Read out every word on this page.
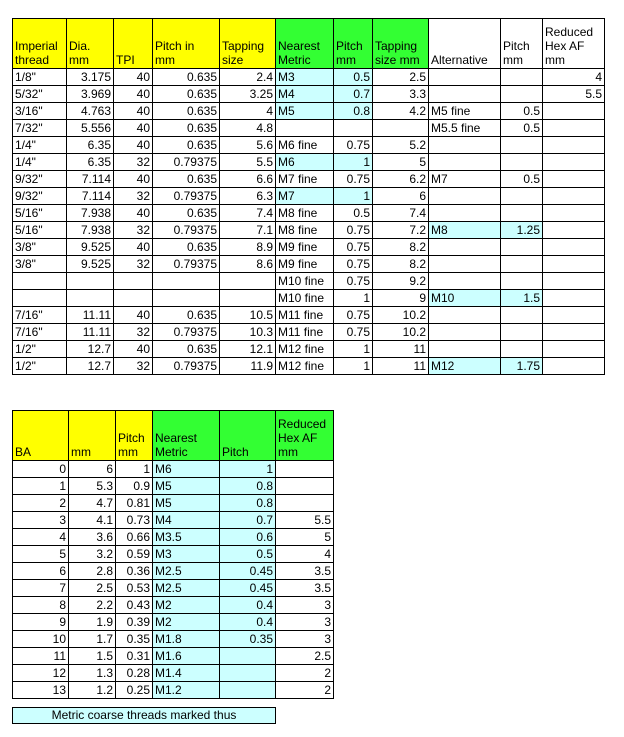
Imperial thread	Dia. mm	TPI	Pitch in mm	Tapping size	Nearest Metric	Pitch mm	Tapping size mm	Alternative	Pitch mm	Reduced Hex AF mm
1/8"	3.175	40	0.635	2.4	M3	0.5	2.5			4
5/32"	3.969	40	0.635	3.25	M4	0.7	3.3			5.5
3/16"	4.763	40	0.635	4	M5	0.8	4.2	M5 fine	0.5	
7/32"	5.556	40	0.635	4.8				M5.5 fine	0.5	
1/4"	6.35	40	0.635	5.6	M6 fine	0.75	5.2			
1/4"	6.35	32	0.79375	5.5	M6	1	5			
9/32"	7.114	40	0.635	6.6	M7 fine	0.75	6.2	M7	0.5	
9/32"	7.114	32	0.79375	6.3	M7	1	6			
5/16"	7.938	40	0.635	7.4	M8 fine	0.5	7.4			
5/16"	7.938	32	0.79375	7.1	M8 fine	0.75	7.2	M8	1.25	
3/8"	9.525	40	0.635	8.9	M9 fine	0.75	8.2			
3/8"	9.525	32	0.79375	8.6	M9 fine	0.75	8.2			
					M10 fine	0.75	9.2			
					M10 fine	1	9	M10	1.5	
7/16"	11.11	40	0.635	10.5	M11 fine	0.75	10.2			
7/16"	11.11	32	0.79375	10.3	M11 fine	0.75	10.2			
1/2"	12.7	40	0.635	12.1	M12 fine	1	11			
1/2"	12.7	32	0.79375	11.9	M12 fine	1	11	M12	1.75	
BA	mm	Pitch mm	Nearest Metric	Pitch	Reduced Hex AF mm
0	6	1	M6	1	
1	5.3	0.9	M5	0.8	
2	4.7	0.81	M5	0.8	
3	4.1	0.73	M4	0.7	5.5
4	3.6	0.66	M3.5	0.6	5
5	3.2	0.59	M3	0.5	4
6	2.8	0.36	M2.5	0.45	3.5
7	2.5	0.53	M2.5	0.45	3.5
8	2.2	0.43	M2	0.4	3
9	1.9	0.39	M2	0.4	3
10	1.7	0.35	M1.8	0.35	3
11	1.5	0.31	M1.6		2.5
12	1.3	0.28	M1.4		2
13	1.2	0.25	M1.2		2
Metric coarse threads marked thus
